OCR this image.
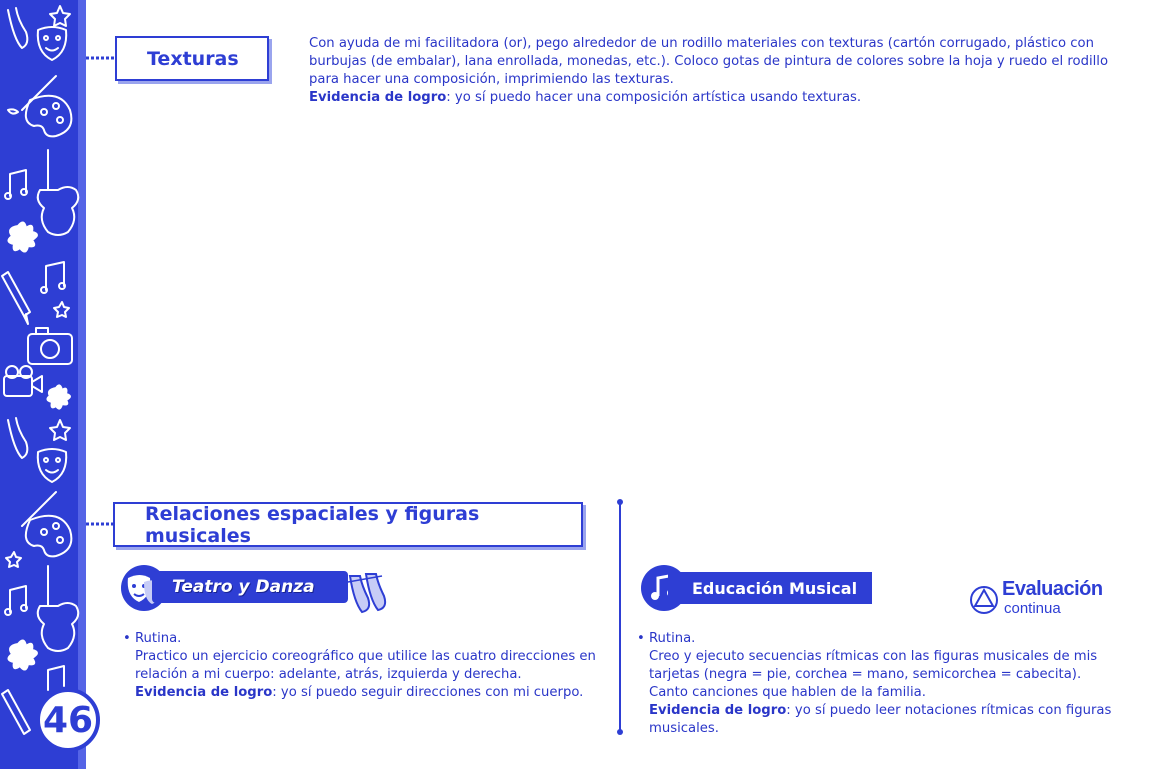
46
Texturas
Con ayuda de mi facilitadora (or), pego alrededor de un rodillo materiales con texturas (cartón corrugado, plástico con burbujas (de embalar), lana enrollada, monedas, etc.). Coloco gotas de pintura de colores sobre la hoja y ruedo el rodillo para hacer una composición, imprimiendo las texturas.
Evidencia de logro: yo sí puedo hacer una composición artística usando texturas.
Relaciones espaciales y figuras musicales
Teatro y Danza
• Rutina.

Practico un ejercicio coreográfico que utilice las cuatro direcciones en relación a mi cuerpo: adelante, atrás, izquierda y derecha.
Evidencia de logro: yo sí puedo seguir direcciones con mi cuerpo.
Educación Musical	Evaluación
continua
• Rutina.

Creo y ejecuto secuencias rítmicas con las figuras musicales de mis tarjetas (negra = pie, corchea = mano, semicorchea = cabecita).
Canto canciones que hablen de la familia.
Evidencia de logro: yo sí puedo leer notaciones rítmicas con figuras musicales.
